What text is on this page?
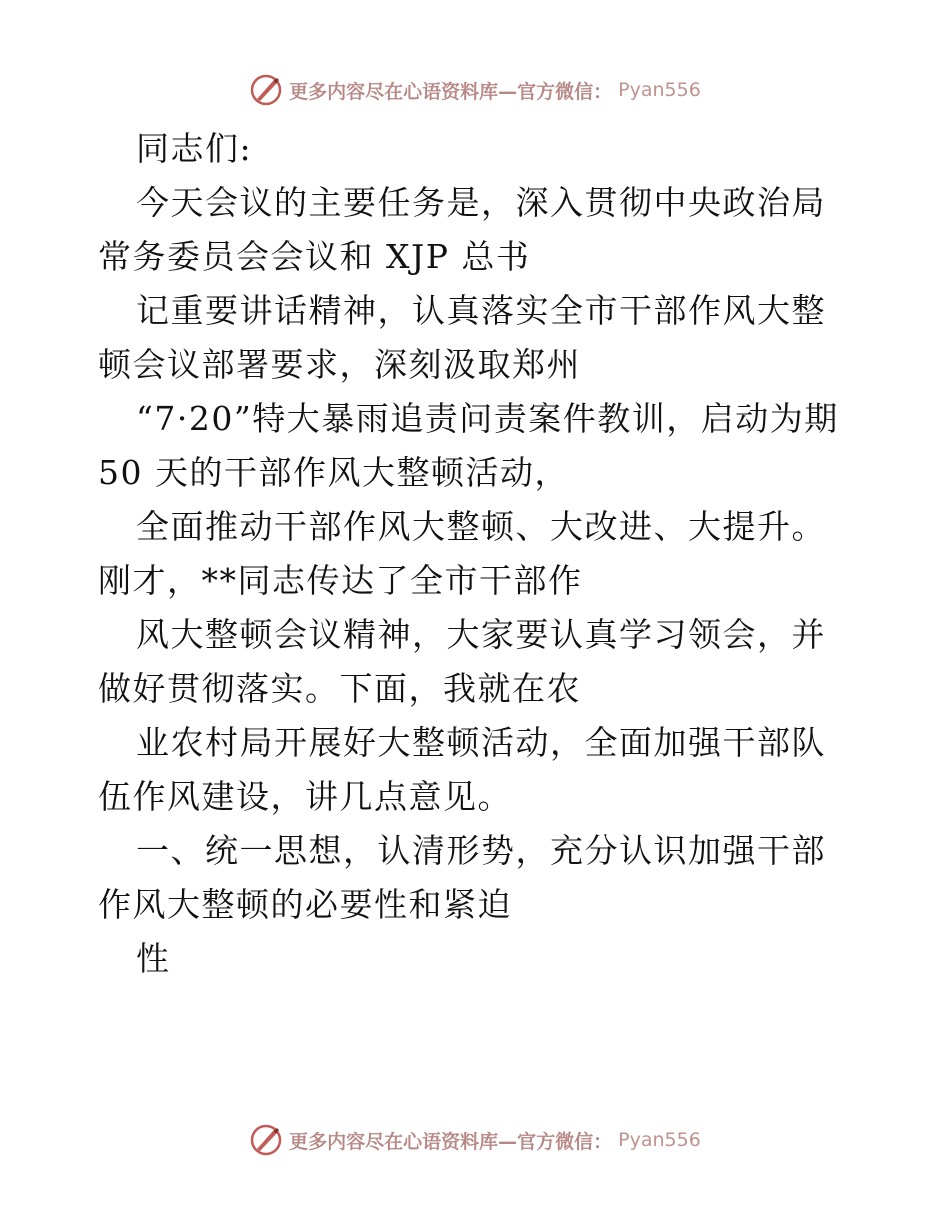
更多内容尽在心语资料库—官方微信： Pyan556

同志们:

今天会议的主要任务是，深入贯彻中央政治局常务委员会会议和 XJP 总书

记重要讲话精神，认真落实全市干部作风大整顿会议部署要求，深刻汲取郑州

“7·20”特大暴雨追责问责案件教训，启动为期 50 天的干部作风大整顿活动，

全面推动干部作风大整顿、大改进、大提升。刚才，**同志传达了全市干部作

风大整顿会议精神，大家要认真学习领会，并做好贯彻落实。下面，我就在农

业农村局开展好大整顿活动，全面加强干部队伍作风建设，讲几点意见。

一、统一思想，认清形势，充分认识加强干部作风大整顿的必要性和紧迫

性

更多内容尽在心语资料库—官方微信： Pyan556
